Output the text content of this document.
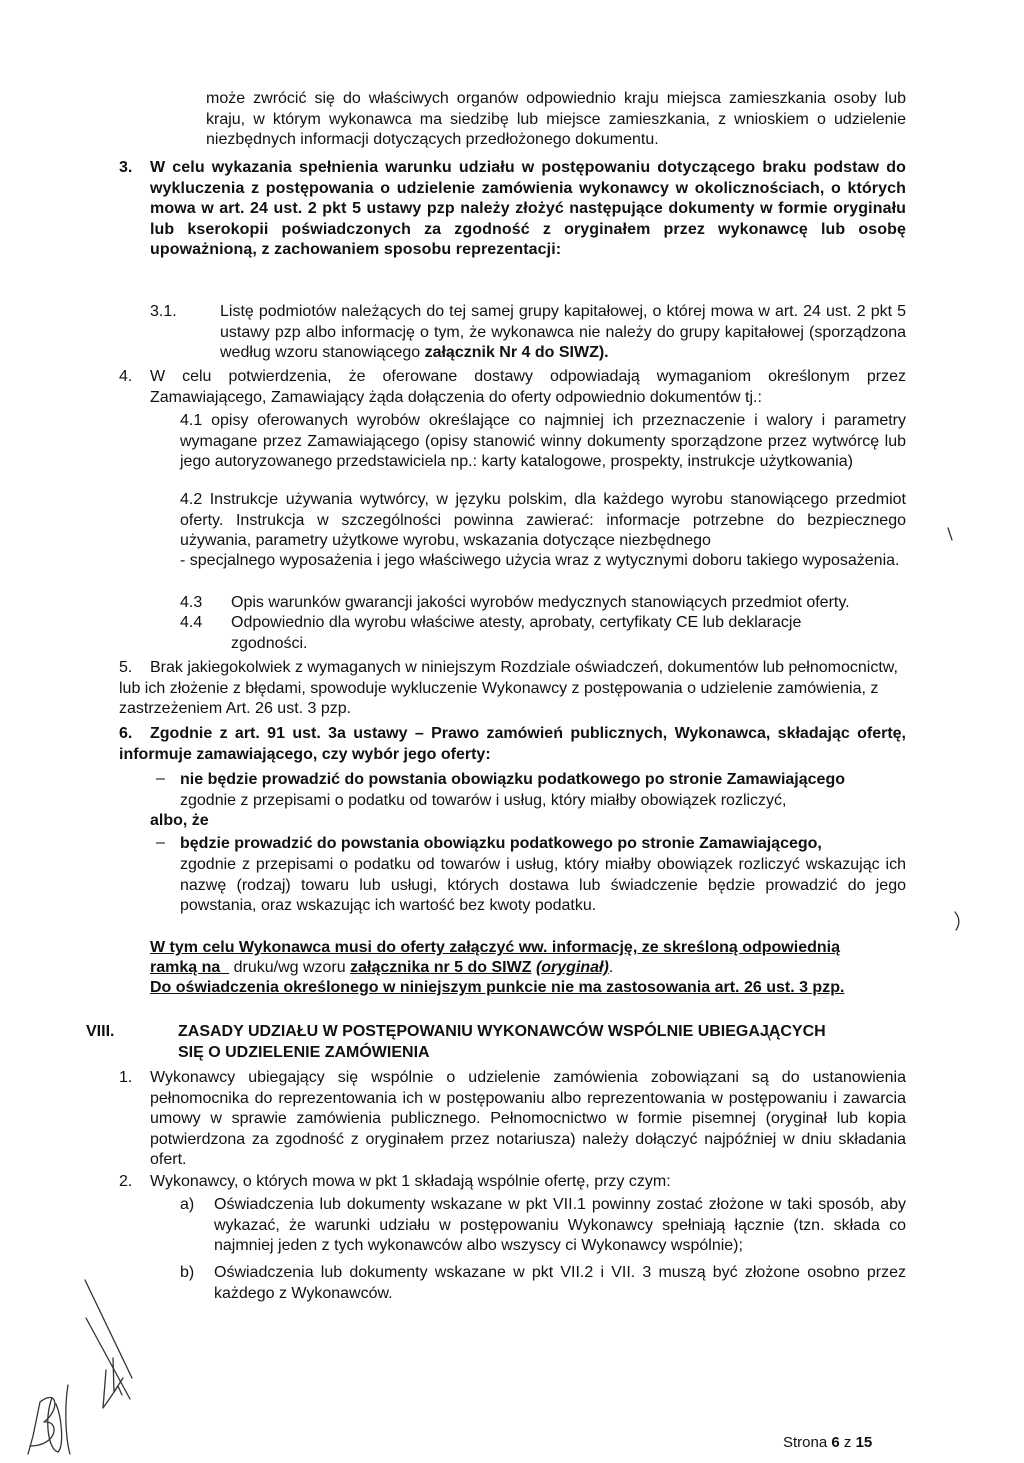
może zwrócić się do właściwych organów odpowiednio kraju miejsca zamieszkania osoby lub kraju, w którym wykonawca ma siedzibę lub miejsce zamieszkania, z wnioskiem o udzielenie niezbędnych informacji dotyczących przedłożonego dokumentu.
3. W celu wykazania spełnienia warunku udziału w postępowaniu dotyczącego braku podstaw do wykluczenia z postępowania o udzielenie zamówienia wykonawcy w okolicznościach, o których mowa w art. 24 ust. 2 pkt 5 ustawy pzp należy złożyć następujące dokumenty w formie oryginału lub kserokopii poświadczonych za zgodność z oryginałem przez wykonawcę lub osobę upoważnioną, z zachowaniem sposobu reprezentacji:
3.1.	Listę podmiotów należących do tej samej grupy kapitałowej, o której mowa w art. 24 ust. 2 pkt 5 ustawy pzp albo informację o tym, że wykonawca nie należy do grupy kapitałowej (sporządzona według wzoru stanowiącego załącznik Nr 4 do SIWZ).
4. W celu potwierdzenia, że oferowane dostawy odpowiadają wymaganiom określonym przez Zamawiającego, Zamawiający żąda dołączenia do oferty odpowiednio dokumentów tj.:
4.1 opisy oferowanych wyrobów określające co najmniej ich przeznaczenie i walory i parametry wymagane przez Zamawiającego (opisy stanowić winny dokumenty sporządzone przez wytwórcę lub jego autoryzowanego przedstawiciela np.: karty katalogowe, prospekty, instrukcje użytkowania)
4.2 Instrukcje używania wytwórcy, w języku polskim, dla każdego wyrobu stanowiącego przedmiot oferty. Instrukcja w szczególności powinna zawierać: informacje potrzebne do bezpiecznego używania, parametry użytkowe wyrobu, wskazania dotyczące niezbędnego
- specjalnego wyposażenia i jego właściwego użycia wraz z wytycznymi doboru takiego wyposażenia.
4.3 Opis warunków gwarancji jakości wyrobów medycznych stanowiących przedmiot oferty.
4.4 Odpowiednio dla wyrobu właściwe atesty, aprobaty, certyfikaty CE lub deklaracje zgodności.
5.	Brak jakiegokolwiek z wymaganych w niniejszym Rozdziale oświadczeń, dokumentów lub pełnomocnictw, lub ich złożenie z błędami, spowoduje wykluczenie Wykonawcy z postępowania o udzielenie zamówienia, z zastrzeżeniem Art. 26 ust. 3 pzp.
6.	Zgodnie z art. 91 ust. 3a ustawy – Prawo zamówień publicznych, Wykonawca, składając ofertę, informuje zamawiającego, czy wybór jego oferty:
– nie będzie prowadzić do powstania obowiązku podatkowego po stronie Zamawiającego
zgodnie z przepisami o podatku od towarów i usług, który miałby obowiązek rozliczyć,
albo, że
– będzie prowadzić do powstania obowiązku podatkowego po stronie Zamawiającego,
zgodnie z przepisami o podatku od towarów i usług, który miałby obowiązek rozliczyć wskazując ich nazwę (rodzaj) towaru lub usługi, których dostawa lub świadczenie będzie prowadzić do jego powstania, oraz wskazując ich wartość bez kwoty podatku.
W tym celu Wykonawca musi do oferty załączyć ww. informację, ze skreśloną odpowiednią
ramką na druku/wg wzoru załącznika nr 5 do SIWZ (oryginał).
Do oświadczenia określonego w niniejszym punkcie nie ma zastosowania art. 26 ust. 3 pzp.
VIII.	ZASADY UDZIAŁU W POSTĘPOWANIU WYKONAWCÓW WSPÓLNIE UBIEGAJĄCYCH
SIĘ O UDZIELENIE ZAMÓWIENIA
1. Wykonawcy ubiegający się wspólnie o udzielenie zamówienia zobowiązani są do ustanowienia pełnomocnika do reprezentowania ich w postępowaniu albo reprezentowania w postępowaniu i zawarcia umowy w sprawie zamówienia publicznego. Pełnomocnictwo w formie pisemnej (oryginał lub kopia potwierdzona za zgodność z oryginałem przez notariusza) należy dołączyć najpóźniej w dniu składania ofert.
2. Wykonawcy, o których mowa w pkt 1 składają wspólnie ofertę, przy czym:
a) Oświadczenia lub dokumenty wskazane w pkt VII.1 powinny zostać złożone w taki sposób, aby wykazać, że warunki udziału w postępowaniu Wykonawcy spełniają łącznie (tzn. składa co najmniej jeden z tych wykonawców albo wszyscy ci Wykonawcy wspólnie);
b) Oświadczenia lub dokumenty wskazane w pkt VII.2 i VII. 3 muszą być złożone osobno przez każdego z Wykonawców.
Strona 6 z 15
